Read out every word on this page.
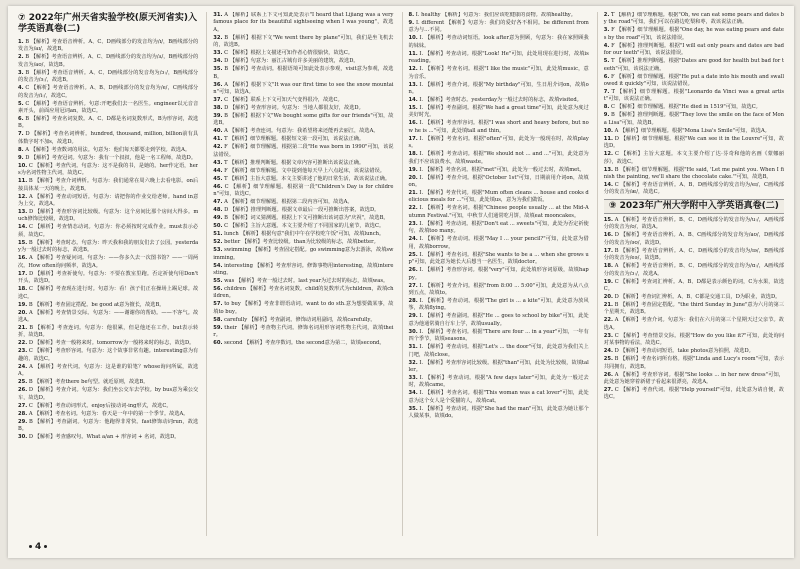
⑦ 2022年广州天省实验学校(原天河省实)入学英语真卷(二)
1. B 【解析】考查语音辨析。A、C、D画线部分的发音均为/ɪ/，B画线部分的发音为/aɪ/，故选B。
2. B 【解析】考查语音辨析。A、C、D画线部分的发音均为/ʌ/，B画线部分的发音为/aʊ/，故选B。
3. B 【解析】考查语音辨析。A、C、D画线部分的发音均为/ɔː/，B画线部分的发音为/ɜː/，故选B。
4. C 【解析】考查语音辨析。A、B、D画线部分的发音均为/e/，C画线部分的发音为/iː/，故选C。
5. C 【解析】考查语音辨析。句意:开吧我们去一名医生。engineer以元音音素开头，前面应用冠词an，故选C。
6. B 【解析】考查名词复数。A、C、D都是名词复数形式，B为形容词，故选B。
7. D 【解析】考查名词辨析。hundred, thousand, million, billion前有具体数字时不加s，故选D。
8. A 【解析】考查数词的用法。句意为：他们每天都要走到学校。故选A。
9. D 【解析】考查冠词。句意为：我有一个叔叔，他是一名工程师，故选D。
10. C 【解析】考查代词。句意为：这不是我的书，是她的。her作定语，hers为名词性物主代词，故选C。
11. B 【解析】考查介词辨析。句意为：我们通常在周六晚上去看电影。on后接具体某一天的晚上，故选B。
12. A 【解析】考查动词短语。句意为：请把你的作业交给老师。hand in意为上交，故选A。
13. D 【解析】考查形容词比较级。句意为：这个房间比那个房间大得多。much修饰比较级，故选D。
14. C 【解析】考查情态动词。句意为：你必须按时完成作业。must表示必须，故选C。
15. B 【解析】考查时态。句意为：昨天我和我的朋友们去了公园。yesterday为一般过去时的标志，故选B。
16. A 【解析】考查疑问词。句意为：——你多久去一次图书馆？——一周两次。How often询问频率，故选A。
17. D 【解析】考查祈使句。句意为：不要在教室里跑。否定祈使句用Don't开头，故选D。
18. C 【解析】考查现在进行时。句意为：看！孩子们正在操场上踢足球。故选C。
19. B 【解析】考查固定搭配。be good at意为擅长，故选B。
20. A 【解析】考查情景交际。句意为：——谢谢你的帮助。——不客气。故选A。
21. B 【解析】考查连词。句意为：他很累，但是他还在工作。but表示转折，故选B。
22. D 【解析】考查一般将来时。tomorrow为一般将来时的标志，故选D。
23. C 【解析】考查形容词。句意为：这个故事非常有趣。interesting意为有趣的，故选C。
24. A 【解析】考查代词。句意为：这是谁的铅笔？whose询问所属，故选A。
25. B 【解析】考查there be句型。就近原则，故选B。
26. D 【解析】考查介词。句意为：我们坐公交车去学校。by bus意为乘公交车，故选D。
27. C 【解析】考查动词形式。enjoy后接动词-ing形式，故选C。
28. A 【解析】考查名词。句意为：春天是一年中的第一个季节。故选A。
29. B 【解析】考查副词。句意为：他跑得非常快。fast修饰动词run，故选B。
30. D 【解析】考查感叹句。What a/an + 形容词 + 名词，故选D。
31. A 【解析】联系上下文可知此处表示"I heard that Lijiang was a very famous place for its beautiful sightseeing when I was young"，故选A。
32. B 【解析】根据下文"We went there by plane"可知，我们是坐飞机去的，故选B。
33. C 【解析】根据上文描述可知作者心情很愉快，故选C。
34. D 【解析】句意为：丽江古城有许多美丽的建筑，故选D。
35. B 【解析】考查动词。根据语境可知此处表示参观，visit意为参观，故选B。
36. A 【解析】根据下文"It was our first time to see the snow mountain"可知，故选A。
37. C 【解析】联系上下文可知天气变得很冷，故选C。
38. D 【解析】考查形容词。句意为：当地人都很友好，故选D。
39. B 【解析】根据下文"We bought some gifts for our friends"可知，故选B。
40. A 【解析】考查连词。句意为：我希望将来还能再去丽江，故选A。
41. T 【解析】细节理解题。根据短文第一段可知，该说法正确。
42. F 【解析】细节理解题。根据第二段"He was born in 1990"可知，该说法错误。
43. T 【解析】推理判断题。根据文章内容可推断出该说法正确。
44. F 【解析】细节理解题。文中提到他每天早上六点起床，该说法错误。
45. T 【解析】主旨大意题。本文主要讲述了他的日常生活，故该说法正确。
46. C 【解析】细节理解题。根据第一段"Children's Day is for children"可知，故选C。
47. A 【解析】细节理解题。根据第二段内容可知，故选A。
48. D 【解析】推理判断题。根据文章最后一段可推断出答案，故选D。
49. B 【解析】词义猜测题。根据上下文可推断出该词意为"庆祝"，故选B。
50. C 【解析】主旨大意题。本文主要介绍了不同国家的儿童节，故选C。
51. lunch 【解析】根据句意"我们中午在学校吃午饭"可知，故填lunch。
52. better 【解析】考查比较级。than为比较级的标志，故填better。
53. swimming 【解析】考查固定搭配。go swimming意为去游泳，故填swimming。
54. interesting 【解析】考查形容词。修饰事物用interesting，故填interesting。
55. was 【解析】考查一般过去时。last year为过去时的标志，故填was。
56. children 【解析】考查名词复数。child的复数形式为children，故填children。
57. to buy 【解析】考查非谓语动词。want to do sth.意为想要做某事，故填to buy。
58. carefully 【解析】考查副词。修饰动词用副词，故填carefully。
59. their 【解析】考查物主代词。修饰名词用形容词性物主代词，故填their。
60. second 【解析】考查序数词。the second意为第二，故填second。
8. I. healthy 【解析】句意为：我们应该吃健康的食物。故填healthy。
9. I. different 【解析】句意为：我们的爱好各不相同。be different from意为与…不同。
10. I. 【解析】考查动词短语。look after意为照顾，句意为：我在家照顾我的妹妹。
11. I. 【解析】考查动词。根据"Look! He"可知，此处用现在进行时，故填is reading。
12. I. 【解析】考查名词。根据"I like the music"可知，此处填music，意为音乐。
13. I. 【解析】考查介词。根据"My birthday"可知，生日用介词on，故填on。
14. I. 【解析】考查时态。yesterday为一般过去时的标志，故填visited。
15. I. 【解析】考查副词。根据"We had a great time"可知，此处意为度过美好时光。
16. I. 【解析】考查形容词。根据"I was short and heavy before, but now he is ..."可知，此处填tall and thin。
17. I. 【解析】考查名词。根据"often"可知，此处为一般现在时，故填plays。
18. I. 【解析】考查动词。根据"We should not ... and ..."可知，此处意为我们不应该浪费水，故填waste。
19. I. 【解析】考查名词。根据"met"可知，此处为一般过去时，故填met。
20. I. 【解析】考查介词。根据"October 1st"可知，日期前用介词on，故填on。
21. I. 【解析】考查代词。根据"Mum often cleans ... house and cooks delicious meals for ..."可知，此处填us，意为为我们做饭。
22. I. 【解析】考查名词。根据"Chinese people usually ... at the Mid-Autumn Festival."可知，中秋节人们通常吃月饼，故填eat mooncakes。
23. I. 【解析】考查动词。根据"Don't eat ... sweets"可知，此处为否定祈使句，故填too many。
24. I. 【解析】考查动词。根据"May I ... your pencil?"可知，此处意为借用，故填borrow。
25. I. 【解析】考查名词。根据"She wants to be a ... when she grows up"可知，此处意为她长大后想当一名医生，故填doctor。
26. I. 【解析】考查形容词。根据"very"可知，此处填形容词原级，故填happy。
27. I. 【解析】考查介词。根据"from 8:00 ... 5:00"可知，此处意为从八点到五点，故填to。
28. I. 【解析】考查动词。根据"The girl is ... a kite"可知，此处意为放风筝，故填flying。
29. I. 【解析】考查副词。根据"He ... goes to school by bike"可知，此处意为他通常骑自行车上学，故填usually。
30. I. 【解析】考查名词。根据"There are four ... in a year"可知，一年有四个季节，故填seasons。
31. I. 【解析】考查动词。根据"Let's ... the door"可知，此处意为我们关上门吧，故填close。
32. I. 【解析】考查形容词比较级。根据"than"可知，此处为比较级，故填taller。
33. I. 【解析】考查动词。根据"A few days later"可知，此处为一般过去时，故填came。
34. I. 【解析】考查名词。根据"This woman was a cat lover"可知，此处意为这个女人是个爱猫的人，故填cat。
35. I. 【解析】考查动词。根据"She had the man"可知，此处意为她让那个人做某事，故填do。
2. T 【解析】细节理解题。根据"Oh, we can eat some pears and dates by the road"可知，我们可以在路边吃梨和枣，故该说法正确。
3. F 【解析】细节理解题。根据"One day, he was eating pears and dates by the road"可知，该说法错误。
4. F 【解析】推理判断题。根据"I will eat only pears and dates are bad for our teeth"可知，该说法错误。
5. T 【解析】推理判断题。根据"Dates are good for health but bad for teeth"可知，该说法正确。
6. F 【解析】细节理解题。根据"He put a date into his mouth and swallowed it quickly"可知，该说法错误。
7. T 【解析】细节理解题。根据"Leonardo da Vinci was a great artist"可知，该说法正确。
8. C 【解析】细节理解题。根据"He died in 1519"可知，故选C。
9. B 【解析】推理判断题。根据"They love the smile on the face of Mona Lisa"可知，故选B。
10. A 【解析】细节理解题。根据"Mona Lisa's Smile"可知，故选A。
11. D 【解析】细节理解题。根据"We can see it in the Louvre"可知，故选D。
12. C 【解析】主旨大意题。本文主要介绍了达·芬奇和他的名画《蒙娜丽莎》，故选C。
13. B 【解析】细节理解题。根据"He said, 'Let me paint you. When I finish the painting, we'll share the chocolate cake.'"可知，故选B。
14. C 【解析】考查语音辨析。A、B、D画线部分的发音均为/eɪ/，C画线部分的发音为/æ/，故选C。
⑨ 2023年广州大学附中入学英语真卷(二)
15. A 【解析】考查语音辨析。B、C、D画线部分的发音均为/uː/，A画线部分的发音为/ʊ/，故选A。
16. D 【解析】考查语音辨析。A、B、C画线部分的发音均为/aʊ/，D画线部分的发音为/əʊ/，故选D。
17. B 【解析】考查语音辨析。A、C、D画线部分的发音均为/ɪə/，B画线部分的发音为/eə/，故选B。
18. A 【解析】考查语音辨析。B、C、D画线部分的发音均为/ɑː/，A画线部分的发音为/ɔː/，故选A。
19. C 【解析】考查词汇辨析。A、B、D都是表示颜色的词，C为水果，故选C。
20. D 【解析】考查词汇辨析。A、B、C都是交通工具，D为职业，故选D。
21. B 【解析】考查固定搭配。"the third Sunday in June"意为六月的第三个星期天，故选B。
22. A 【解析】考查介词。句意为：我们在六月的第三个星期天过父亲节。故选A。
23. C 【解析】考查情景交际。根据"How do you like it?"可知，此处询问对某事物的看法，故选C。
24. D 【解析】考查动词短语。take photos意为拍照，故选D。
25. B 【解析】考查名词所有格。根据"Linda and Lucy's room"可知，表示共同拥有，故选B。
26. A 【解析】考查形容词。根据"She looks ... in her new dress"可知，此处意为她穿着新裙子看起来很漂亮，故选A。
27. C 【解析】考查代词。根据"Help yourself"可知，此处意为请自便，故选C。
4
